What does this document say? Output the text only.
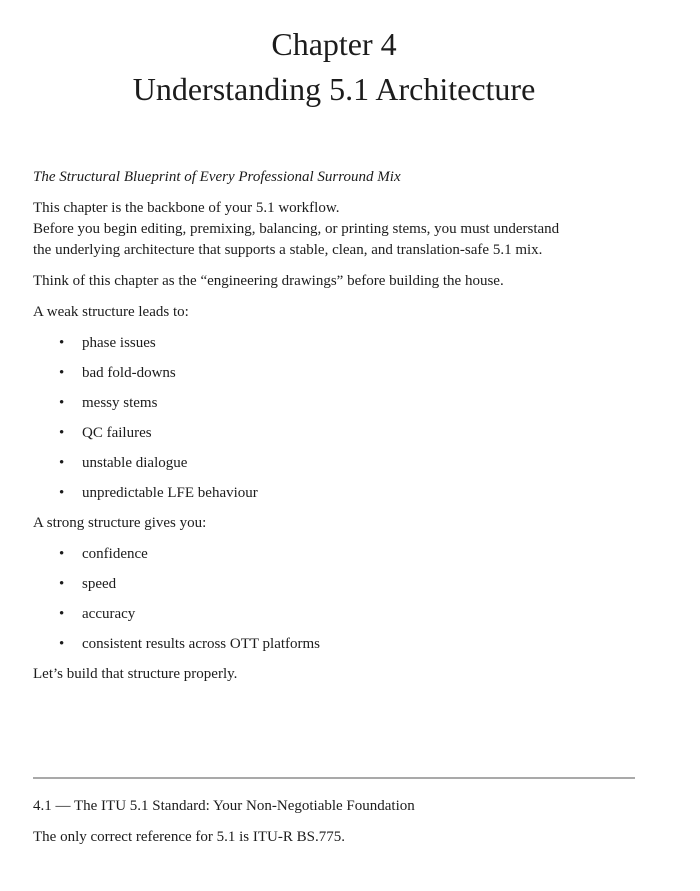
Chapter 4
Understanding 5.1 Architecture

The Structural Blueprint of Every Professional Surround Mix

This chapter is the backbone of your 5.1 workflow.
Before you begin editing, premixing, balancing, or printing stems, you must understand
the underlying architecture that supports a stable, clean, and translation-safe 5.1 mix.

Think of this chapter as the “engineering drawings” before building the house.

A weak structure leads to:

• phase issues
• bad fold-downs
• messy stems
• QC failures
• unstable dialogue
• unpredictable LFE behaviour

A strong structure gives you:

• confidence
• speed
• accuracy
• consistent results across OTT platforms

Let’s build that structure properly.

4.1 — The ITU 5.1 Standard: Your Non-Negotiable Foundation

The only correct reference for 5.1 is ITU-R BS.775.
